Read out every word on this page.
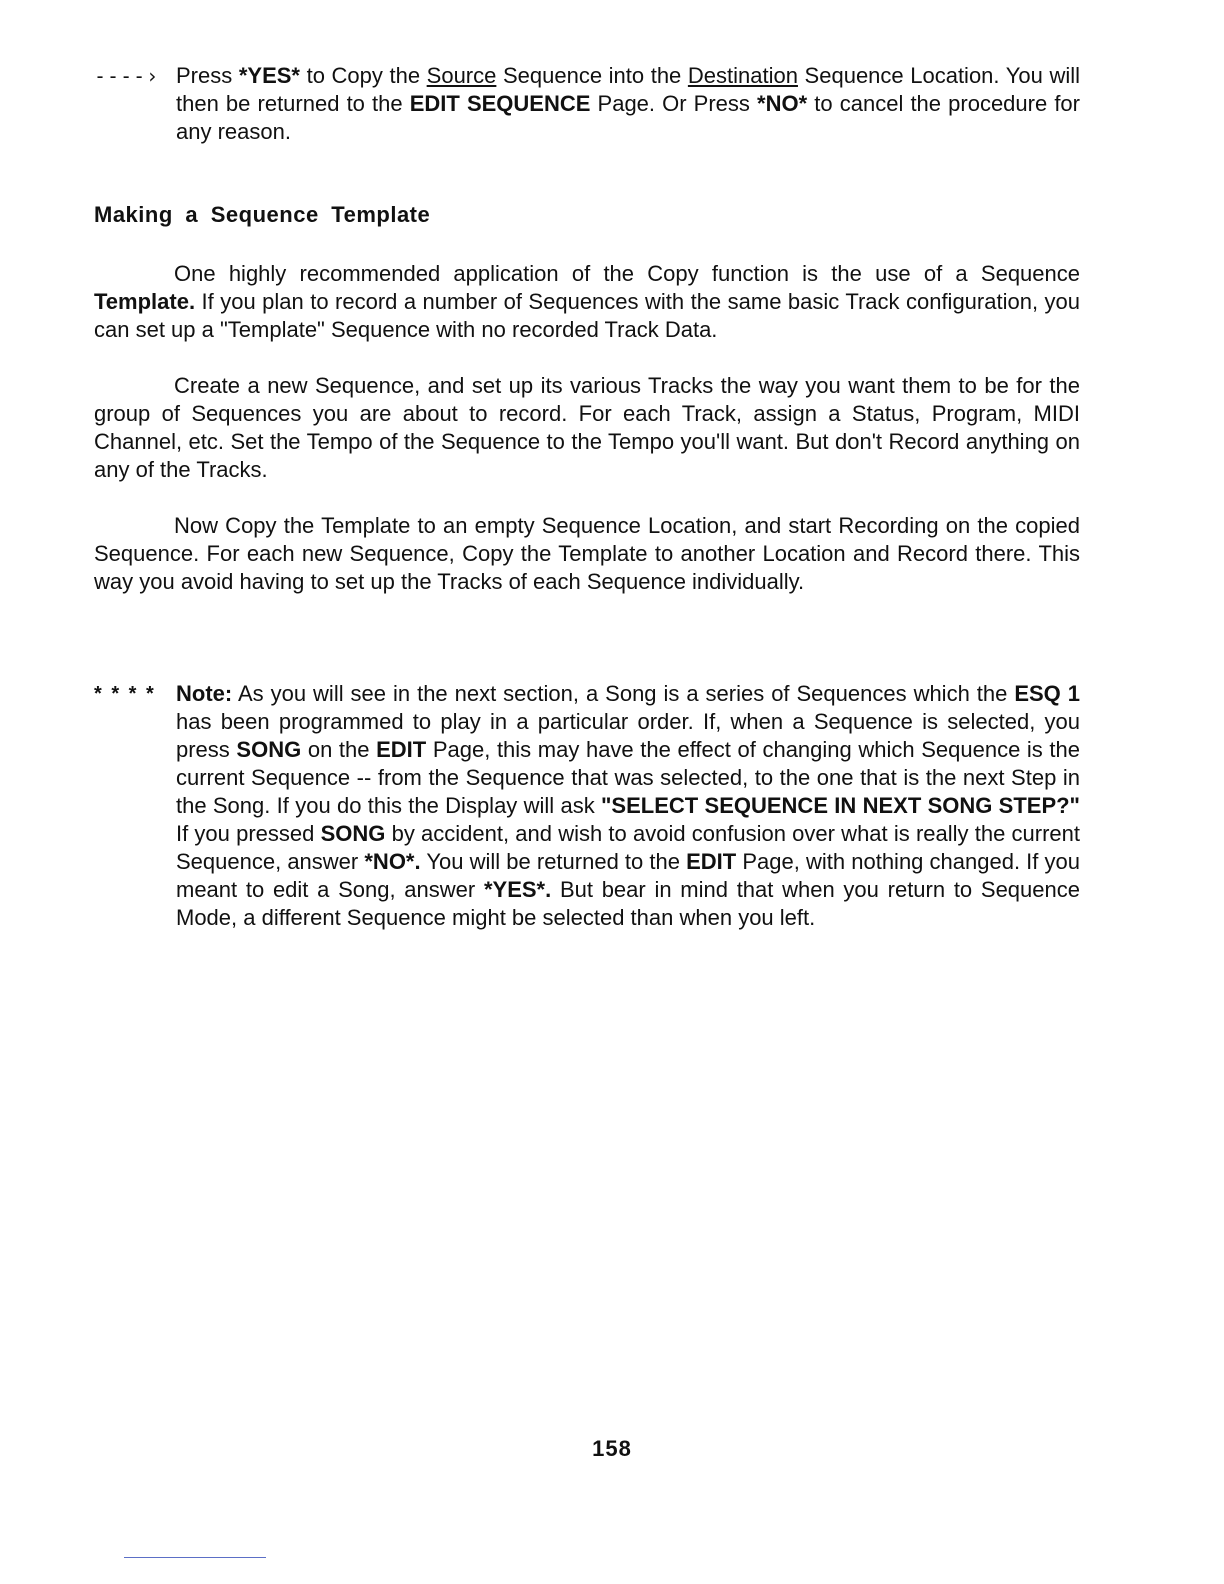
----› Press *YES* to Copy the Source Sequence into the Destination Sequence Location. You will then be returned to the EDIT SEQUENCE Page. Or Press *NO* to cancel the procedure for any reason.
Making a Sequence Template
One highly recommended application of the Copy function is the use of a Sequence Template. If you plan to record a number of Sequences with the same basic Track configuration, you can set up a "Template" Sequence with no recorded Track Data.
Create a new Sequence, and set up its various Tracks the way you want them to be for the group of Sequences you are about to record. For each Track, assign a Status, Program, MIDI Channel, etc. Set the Tempo of the Sequence to the Tempo you'll want. But don't Record anything on any of the Tracks.
Now Copy the Template to an empty Sequence Location, and start Recording on the copied Sequence. For each new Sequence, Copy the Template to another Location and Record there. This way you avoid having to set up the Tracks of each Sequence individually.
* * * * Note: As you will see in the next section, a Song is a series of Sequences which the ESQ 1 has been programmed to play in a particular order. If, when a Sequence is selected, you press SONG on the EDIT Page, this may have the effect of changing which Sequence is the current Sequence -- from the Sequence that was selected, to the one that is the next Step in the Song. If you do this the Display will ask "SELECT SEQUENCE IN NEXT SONG STEP?" If you pressed SONG by accident, and wish to avoid confusion over what is really the current Sequence, answer *NO*. You will be returned to the EDIT Page, with nothing changed. If you meant to edit a Song, answer *YES*. But bear in mind that when you return to Sequence Mode, a different Sequence might be selected than when you left.
158
